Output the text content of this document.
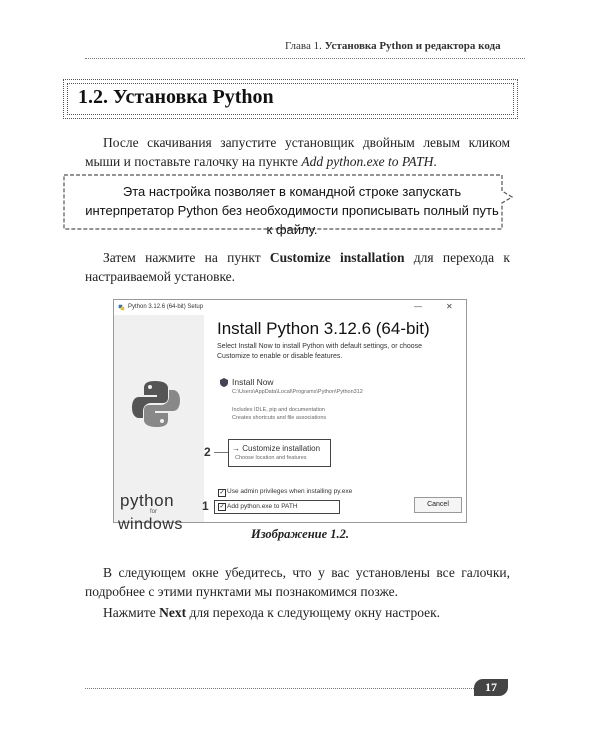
Глава 1. Установка Python и редактора кода
1.2. Установка Python
После скачивания запустите установщик двойным левым кликом мыши и поставьте галочку на пункте Add python.exe to PATH.
Эта настройка позволяет в командной строке запускать интерпретатор Python без необходимости прописывать полный путь к файлу.
Затем нажмите на пункт Customize installation для перехода к настраиваемой установке.
Python 3.12.6 (64-bit) Setup	—	✕
python
for
windows
Install Python 3.12.6 (64-bit)
Select Install Now to install Python with default settings, or choose Customize to enable or disable features.
Install Now
C:\Users\AppData\Local\Programs\Python\Python312
Includes IDLE, pip and documentation
Creates shortcuts and file associations
→ Customize installation
Choose location and features
2
✓ Use admin privileges when installing py.exe
1 ✓ Add python.exe to PATH	Cancel
Изображение 1.2.
В следующем окне убедитесь, что у вас установлены все галочки, подробнее с этими пунктами мы познакомимся позже.
Нажмите Next для перехода к следующему окну настроек.
17
